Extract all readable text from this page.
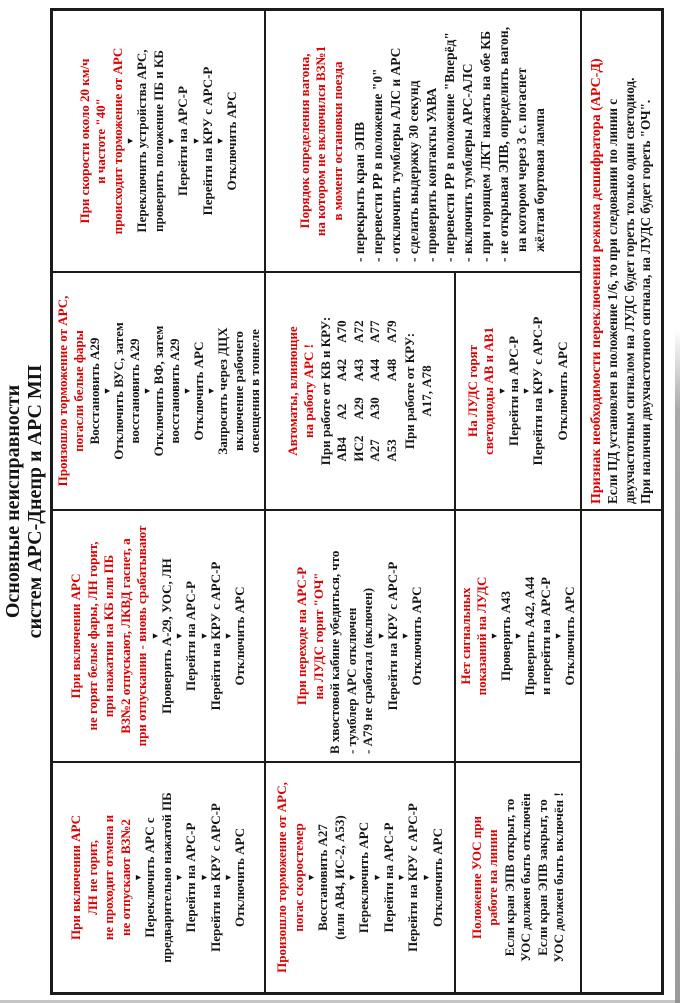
Основные неисправности систем АРС-Днепр и АРС МП
При включении АРС ЛН не горит, не проходит отмена и не отпускают ВЗ№2 ▼ Переключить АРС с предварительно нажатой ПБ ▼ Перейти на АРС-Р ▼ Перейти на КРУ с АРС-Р ▼ Отключить АРС
При включении АРС не горят белые фары, ЛН горит, при нажатии на КБ или ПБ ВЗ№2 отпускают, ЛКВД гаснет, а при отпускании - вновь срабатывают ▼ Проверить А-29, УОС, ЛН ▼ Перейти на АРС-Р ▼ Перейти на КРУ с АРС-Р ▼ Отключить АРС
Произошло торможение от АРС, погасли белые фары Восстановить А29 ▼ Отключить ВУС, затем восстановить А29 ▼ Отключить ВФ, затем восстановить А29 ▼ Отключить АРС ▼ Запросить через ДЦХ включение рабочего освещения в тоннеле
При скорости около 20 км/ч и частоте "40" происходит торможение от АРС ▼ Переключить устройства АРС, проверить положение ПБ и КБ ▼ Перейти на АРС-Р ▼ Перейти на КРУ с АРС-Р ▼ Отключить АРС
Произошло торможение от АРС, погас скоростемер ▼ Восстановить А27 (или АВ4, ИС-2, А53) ▼ Переключить АРС ▼ Перейти на АРС-Р ▼ Перейти на КРУ с АРС-Р ▼ Отключить АРС
При переходе на АРС-Р на ЛУДС горит "ОЧ" В хвостовой кабине убедиться, что - тумблер АРС отключен - А79 не сработал (включен) ▼ Перейти на КРУ с АРС-Р ▼ Отключить АРС
Автоматы, влияющие на работу АРС ! При работе от КВ и КРУ: АВ4
А2
А42
А70
ИС2
А29
А43
А72
А27
А30
А44
А77
А53
А48
А79
При работе от КРУ: А17, А78
Порядок определения вагона, на котором не включился ВЗ№1 в момент остановки поезда - перекрыть кран ЭПВ - перевести РР в положение "0" - отключить тумблеры АЛС и АРС - сделать выдержку 30 секунд - проверить контакты УАВА - перевести РР в положение "Вперёд" - включить тумблеры АРС-АЛС - при горящем ЛКТ нажать на обе КБ - не открывая ЭПВ, определить вагон, на котором через 3 с. погаснет жёлтая бортовая лампа
Положение УОС при работе на линии Если кран ЭПВ открыт, то УОС должен быть отключён Если кран ЭПВ закрыт, то УОС должен быть включён !
Нет сигнальных показаний на ЛУДС ▼ Проверить А43 ▼ Проверить А42, А44 и перейти на АРС-Р ▼ Отключить АРС
На ЛУДС горят светодиоды АВ и АВ1 ▼ Перейти на АРС-Р ▼ Перейти на КРУ с АРС-Р ▼ Отключить АРС Признак необходимости переключения режима дешифратора (АРС-Д) Если ПД установлен в положение 1/6, то при следовании по линии с двухчастотным сигналом на ЛУДС будет гореть только один светодиод. При наличии двухчастотного сигнала, на ЛУДС будет гореть "ОЧ".
